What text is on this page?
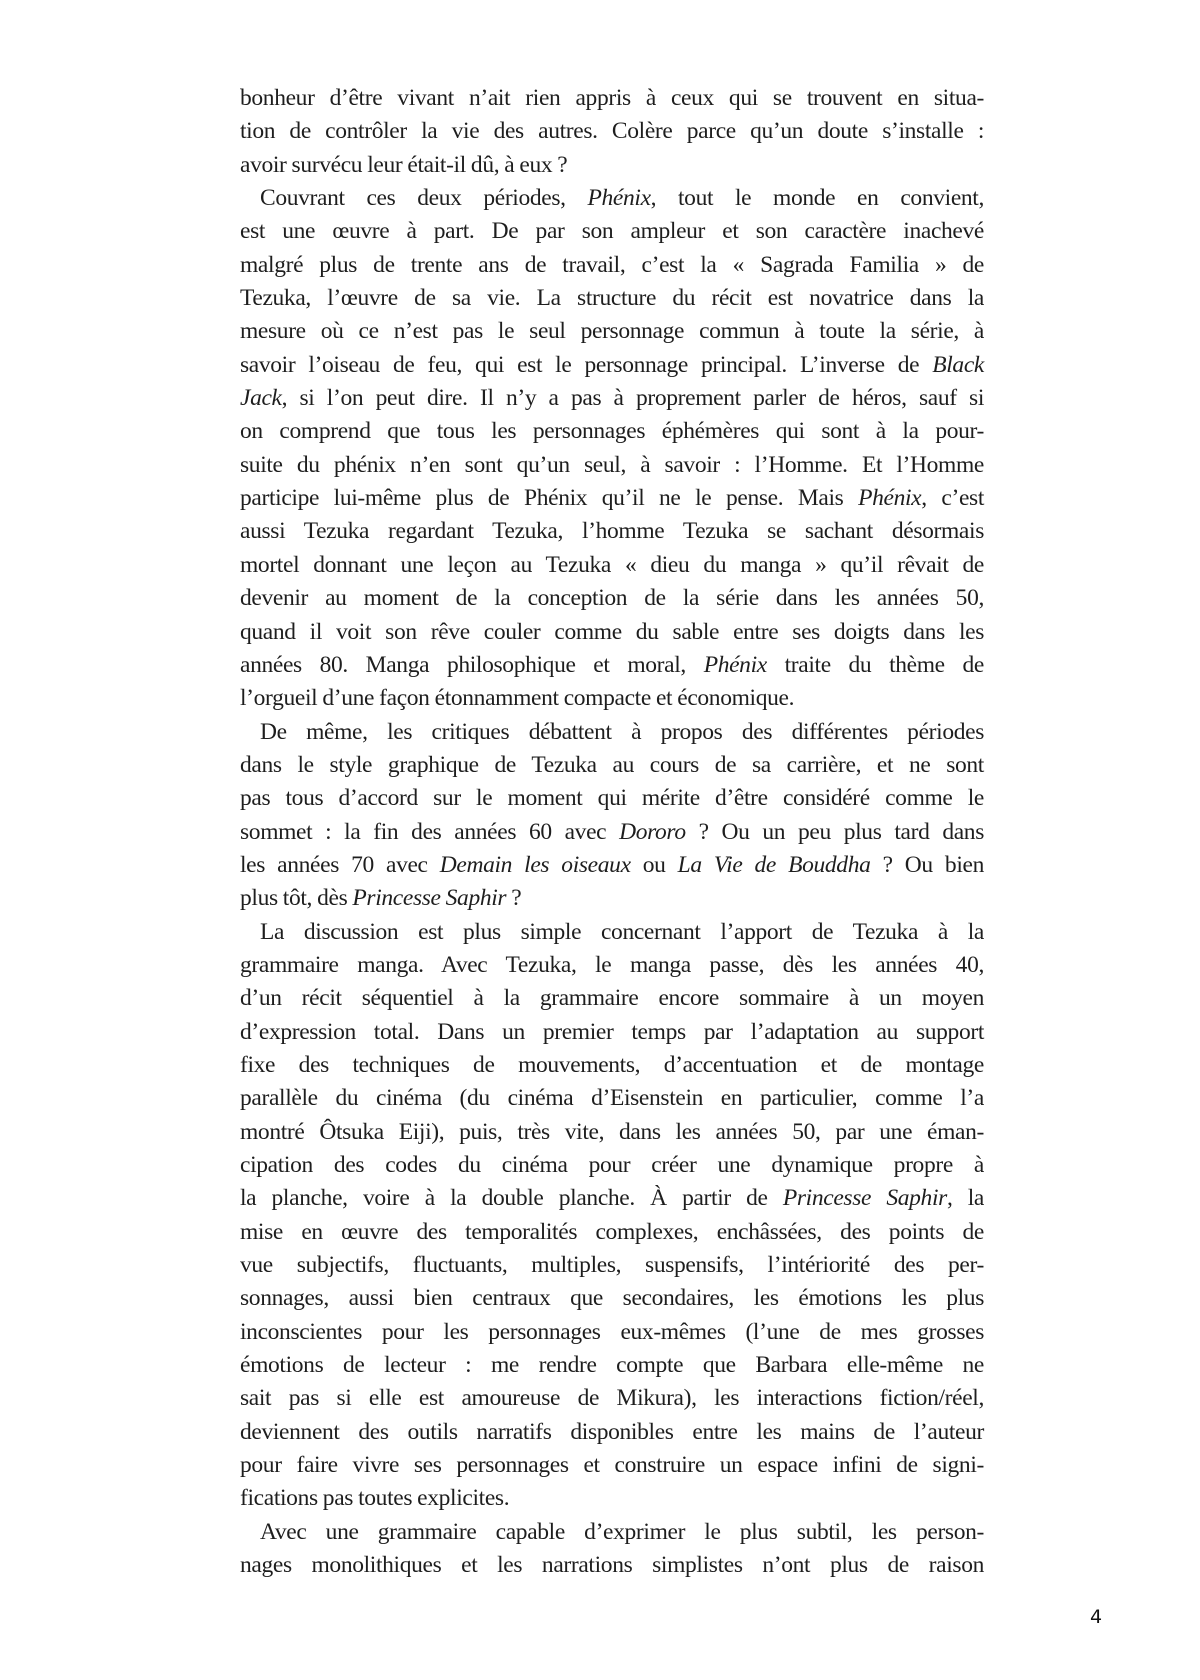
bonheur d’être vivant n’ait rien appris à ceux qui se trouvent en situa-
tion de contrôler la vie des autres. Colère parce qu’un doute s’installe :
avoir survécu leur était-il dû, à eux ?
Couvrant ces deux périodes, Phénix, tout le monde en convient,
est une œuvre à part. De par son ampleur et son caractère inachevé
malgré plus de trente ans de travail, c’est la « Sagrada Familia » de
Tezuka, l’œuvre de sa vie. La structure du récit est novatrice dans la
mesure où ce n’est pas le seul personnage commun à toute la série, à
savoir l’oiseau de feu, qui est le personnage principal. L’inverse de Black
Jack, si l’on peut dire. Il n’y a pas à proprement parler de héros, sauf si
on comprend que tous les personnages éphémères qui sont à la pour-
suite du phénix n’en sont qu’un seul, à savoir : l’Homme. Et l’Homme
participe lui-même plus de Phénix qu’il ne le pense. Mais Phénix, c’est
aussi Tezuka regardant Tezuka, l’homme Tezuka se sachant désormais
mortel donnant une leçon au Tezuka « dieu du manga » qu’il rêvait de
devenir au moment de la conception de la série dans les années 50,
quand il voit son rêve couler comme du sable entre ses doigts dans les
années 80. Manga philosophique et moral, Phénix traite du thème de
l’orgueil d’une façon étonnamment compacte et économique.
De même, les critiques débattent à propos des différentes périodes
dans le style graphique de Tezuka au cours de sa carrière, et ne sont
pas tous d’accord sur le moment qui mérite d’être considéré comme le
sommet : la fin des années 60 avec Dororo ? Ou un peu plus tard dans
les années 70 avec Demain les oiseaux ou La Vie de Bouddha ? Ou bien
plus tôt, dès Princesse Saphir ?
La discussion est plus simple concernant l’apport de Tezuka à la
grammaire manga. Avec Tezuka, le manga passe, dès les années 40,
d’un récit séquentiel à la grammaire encore sommaire à un moyen
d’expression total. Dans un premier temps par l’adaptation au support
fixe des techniques de mouvements, d’accentuation et de montage
parallèle du cinéma (du cinéma d’Eisenstein en particulier, comme l’a
montré Ôtsuka Eiji), puis, très vite, dans les années 50, par une éman-
cipation des codes du cinéma pour créer une dynamique propre à
la planche, voire à la double planche. À partir de Princesse Saphir, la
mise en œuvre des temporalités complexes, enchâssées, des points de
vue subjectifs, fluctuants, multiples, suspensifs, l’intériorité des per-
sonnages, aussi bien centraux que secondaires, les émotions les plus
inconscientes pour les personnages eux-mêmes (l’une de mes grosses
émotions de lecteur : me rendre compte que Barbara elle-même ne
sait pas si elle est amoureuse de Mikura), les interactions fiction/réel,
deviennent des outils narratifs disponibles entre les mains de l’auteur
pour faire vivre ses personnages et construire un espace infini de signi-
fications pas toutes explicites.
Avec une grammaire capable d’exprimer le plus subtil, les person-
nages monolithiques et les narrations simplistes n’ont plus de raison
4
